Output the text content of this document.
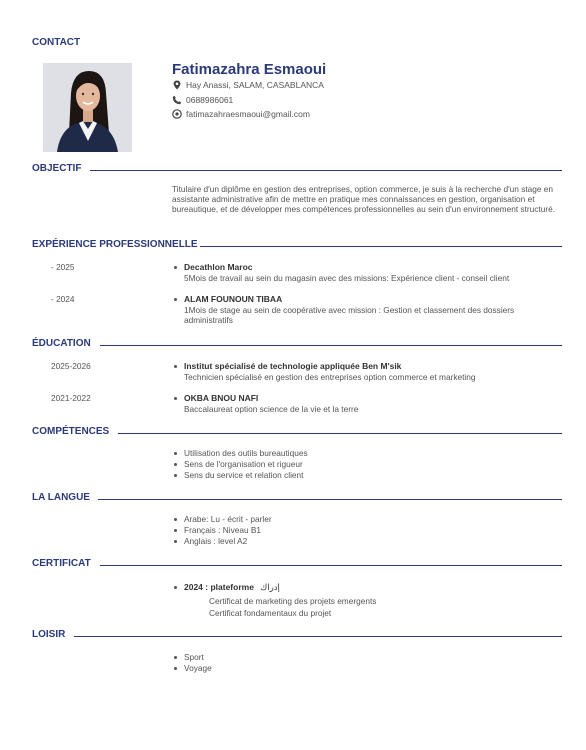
CONTACT
Fatimazahra Esmaoui
Hay Anassi, SALAM, CASABLANCA
0688986061
fatimazahraesmaoui@gmail.com
OBJECTIF
Titulaire d'un diplôme en gestion des entreprises, option commerce, je suis à la recherche d'un stage en assistante administrative afin de mettre en pratique mes connaissances en gestion, organisation et bureautique, et de développer mes compétences professionnelles au sein d'un environnement structuré.
EXPÉRIENCE PROFESSIONNELLE
- 2025	Decathlon Maroc
5Mois de travail au sein du magasin avec des missions: Expérience client - conseil client
- 2024	ALAM FOUNOUN TIBAA
1Mois de stage au sein de coopérative avec mission : Gestion et classement des dossiers administratifs
ÉDUCATION
2025-2026	Institut spécialisé de technologie appliquée Ben M'sik
Technicien spécialisé en gestion des entreprises option commerce et marketing
2021-2022	OKBA BNOU NAFI
Baccalaureat option science de la vie et la terre
COMPÉTENCES
Utilisation des outils bureautiques
Sens de l'organisation et rigueur
Sens du service et relation client
LA LANGUE
Arabe: Lu - écrit - parler
Français : Niveau B1
Anglais : level A2
CERTIFICAT
2024 : plateforme إدراك
Certificat de marketing des projets emergents
Certificat fondamentaux du projet
LOISIR
Sport
Voyage
